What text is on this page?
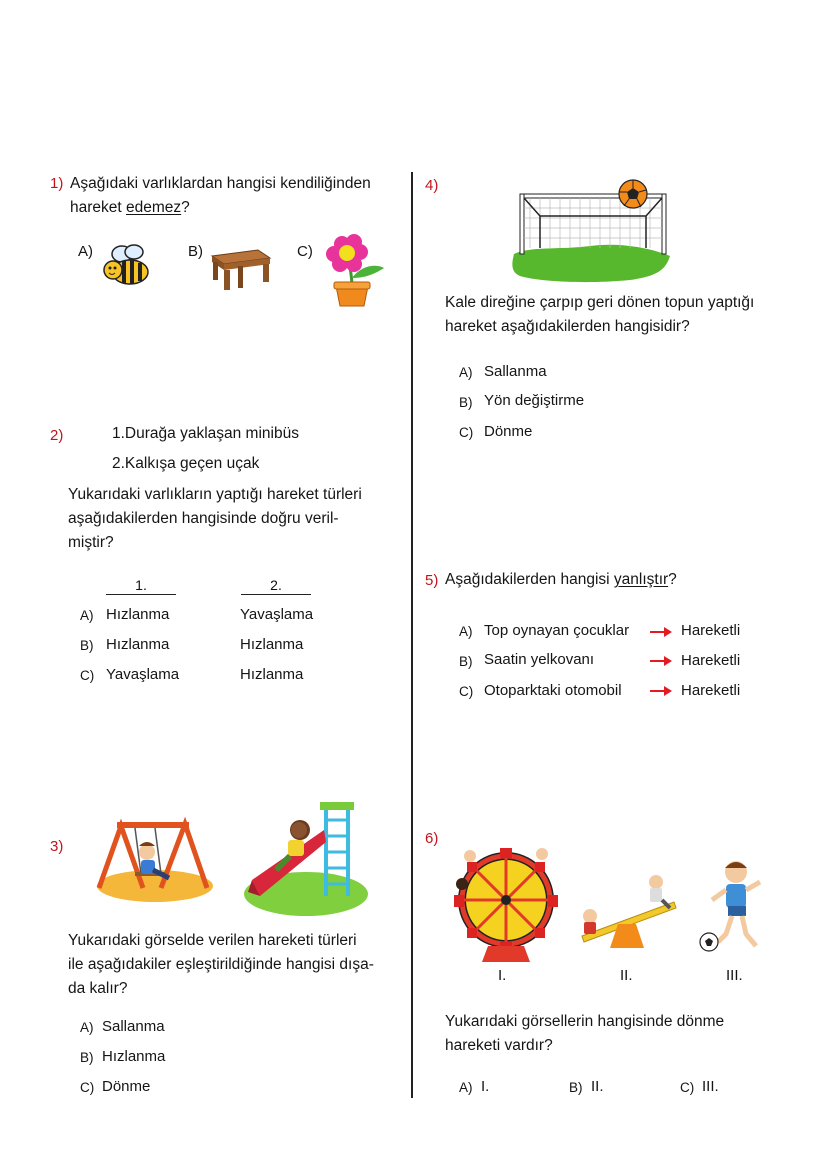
1) Aşağıdaki varlıklardan hangisi kendiliğinden
hareket edemez?
A)	B)	C)
2)	1.Durağa yaklaşan minibüs
2.Kalkışa geçen uçak
Yukarıdaki varlıkların yaptığı hareket türleri
aşağıdakilerden hangisinde doğru veril-
miştir?
1.	2.
A) Hızlanma	Yavaşlama
B) Hızlanma	Hızlanma
C) Yavaşlama	Hızlanma
3)
Yukarıdaki görselde verilen hareketi türleri
ile aşağıdakiler eşleştirildiğinde hangisi dışa-
da kalır?
A) Sallanma
B) Hızlanma
C) Dönme
4)
Kale direğine çarpıp geri dönen topun yaptığı
hareket aşağıdakilerden hangisidir?
A) Sallanma
B) Yön değiştirme
C) Dönme
5) Aşağıdakilerden hangisi yanlıştır?
A) Top oynayan çocuklar	Hareketli
B) Saatin yelkovanı	Hareketli
C) Otoparktaki otomobil	Hareketli
6)
I.	II.	III.
Yukarıdaki görsellerin hangisinde dönme
hareketi vardır?
A) I.	B) II.	C) III.
